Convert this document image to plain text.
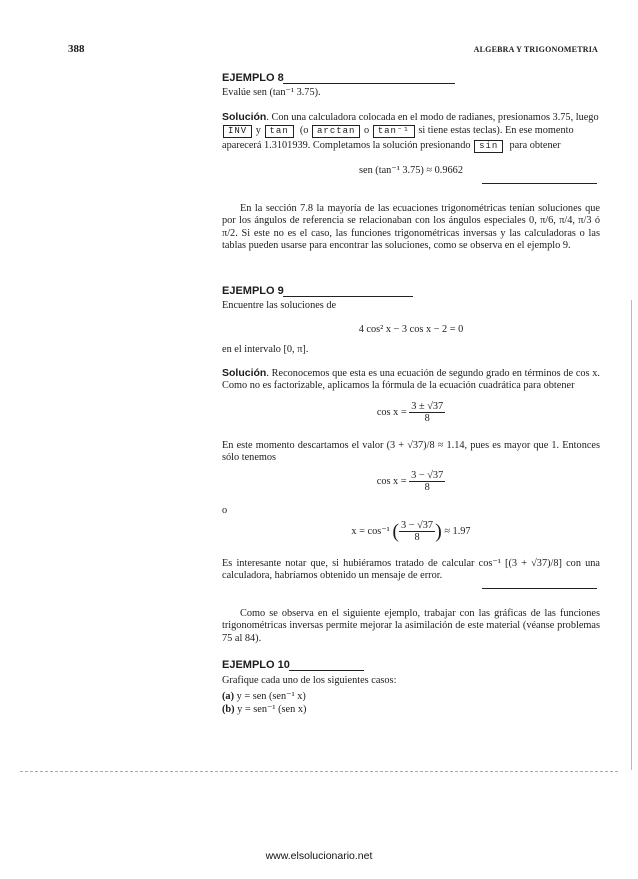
388	ALGEBRA Y TRIGONOMETRIA
EJEMPLO 8
Evalúe sen (tan⁻¹ 3.75).
Solución. Con una calculadora colocada en el modo de radianes, presionamos 3.75, luego
INV y tan (o arctan o tan⁻¹ si tiene estas teclas). En ese momento
aparecerá 1.3101939. Completamos la solución presionando sin para obtener
sen (tan⁻¹ 3.75) ≈ 0.9662
En la sección 7.8 la mayoría de las ecuaciones trigonométricas tenían soluciones que por los ángulos de referencia se relacionaban con los ángulos especiales 0, π/6, π/4, π/3 ó π/2. Si este no es el caso, las funciones trigonométricas inversas y las calculadoras o las tablas pueden usarse para encontrar las soluciones, como se observa en el ejemplo 9.
EJEMPLO 9
Encuentre las soluciones de
4 cos² x − 3 cos x − 2 = 0
en el intervalo [0, π].
Solución. Reconocemos que esta es una ecuación de segundo grado en términos de cos x. Como no es factorizable, aplicamos la fórmula de la ecuación cuadrática para obtener
$\cos x = \frac{3 \pm √37}{8}$
En este momento descartamos el valor (3 + √37)/8 ≈ 1.14, pues es mayor que 1. Entonces sólo tenemos
$\cos x = \frac{3 - √37}{8}$
o
x = cos⁻¹ ( $\frac{3 - √37}{8}$ ) ≈ 1.97
Es interesante notar que, si hubiéramos tratado de calcular cos⁻¹ [(3 + √37)/8] con una calculadora, habríamos obtenido un mensaje de error.
Como se observa en el siguiente ejemplo, trabajar con las gráficas de las funciones trigonométricas inversas permite mejorar la asimilación de este material (véanse problemas 75 al 84).
EJEMPLO 10
Grafique cada uno de los siguientes casos:
(a) y = sen (sen⁻¹ x)
(b) y = sen⁻¹ (sen x)
www.elsolucionario.net
